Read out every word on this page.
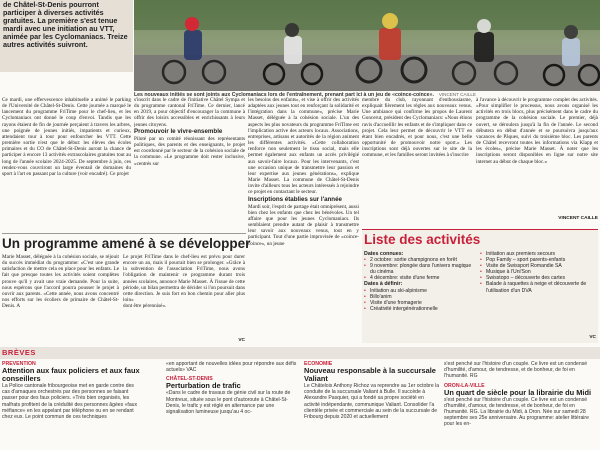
de Châtel-St-Denis pourront participer à diverses activités gratuites. La première s'est tenue mardi avec une initiation au VTT, animée par les Cyclomaniacs. Treize autres activités suivront.
Les nouveaux initiés se sont joints aux Cyclomaniacs lors de l'entraînement, prenant part ici à un jeu de «coince-coince».	VINCENT CAILLE

Ce mardi, une effervescence inhabituelle a animé le parking de l'Université de Châtel-St-Denis. Cette journée a marqué le lancement du programme FriTime pour le chef-lieu, et les Cyclomaniacs ont donné le coup d'envoi. Tandis que les rayons étaient de fin de journée perçaient à travers les arbres, une poignée de jeunes initiés, impatients et curieux, attendaient tour à tour pour enfourcher les VTT. Cette première sortie n'est que le début: les élèves des écoles primaires et du CO de Châtel-St-Denis auront la chance de participer à encore 13 activités extrascolaires gratuites tout au long de l'année scolaire 2024-2025. De septembre à juin, ces rendez-vous couvriront un large éventail de domaines du sport à l'art en passant par la culture (voir encadré). Ce projet

s'inscrit dans le cadre de l'initiative Châtel Sympa et du programme cantonal FriTime. Ce dernier, lancé en 2019, a pour objectif d'encourager la commune à offrir des loisirs accessibles et enrichissants à leurs jeunes citoyens.

Promouvoir le vivre-ensemble

Piloté par un comité réunissant des représentants politiques, des parents et des enseignants, le projet est coordonné par le secteur de la cohésion sociale de la commune. «Le programme doit rester inclusive, «centrés sur

les besoins des enfants», et vise à offrir des activités adaptées aux jeunes tout en renforçant la solidarité et l'intégration dans la commune», précise Marie Masset, déléguée à la cohésion sociale. L'un des aspects les plus novateurs du programme FriTime est l'implication active des acteurs locaux. Associations, entreprises, artisans et autorités de la région animent les différentes activités. «Cette collaboration renforce non seulement le tissu social, mais elle permet également aux enfants un accès privilégié aux savoir-faire locaux. Pour les intervenants, c'est une occasion unique de transmettre leur passion et leur expertise aux jeunes générations», explique Marie Masset. La commune de Châtel-St-Denis invite d'ailleurs tous les acteurs intéressés à rejoindre ce projet en contactant le secteur.

Inscriptions établies sur l'année

Mardi soir, l'esprit de partage était omniprésent, aussi bien chez les enfants que chez les bénévoles. Un tel affaire que pour les jeunes Cyclomaniacs. Ils semblaient prendre autant de plaisir à transmettre leur savoir aux nouveaux venus, tout en y participant. Tout d'une partie improvisée de «coince-coince», un jeune

membre du club, rayonnant d'enthousiasme, expliquait fièrement les règles aux nouveaux venus. Une ambiance qui confirme les propos de Laurent Goncerut, président des Cyclomaniacs: «Nous étions ravis d'accueillir les enfants et de s'impliquer dans ce projet. Cela leur permet de découvrir le VTT en étant bien encadrés, et pour nous, c'est une belle opportunité de promouvoir notre sport.» Les inscriptions sont déjà ouvertes sur le site de la commune, et les familles seront invitées à s'inscrire

à l'avance à découvrir le programme complet des activités. «Pour simplifier le processus, nous avons organisé les activités en trois blocs, plus précisément dans le cadre du programme de la cohésion sociale. Le premier, déjà ouvert, se déroulera jusqu'à la fin de l'année. Le second débutera en début d'année et se poursuivra jusqu'aux vacances de Pâques, suivi du troisième bloc. Les parents de Châtel recevront toutes les informations via Klapp et les écoles», précise Marie Masset. À noter que les inscriptions seront disponibles en ligne sur notre site internet au début de chaque bloc.»

VINCENT CAILLE
Un programme amené à se développer

Marie Masset, déléguée à la cohésion sociale, se réjouit du succès immédiat du programme: «C'est une grande satisfaction de mettre cela en place pour les enfants. Le fait que presque toutes les activités soient complètes prouve qu'il y avait une vraie demande. Pour la suite, nous espérons que l'accord pourra pousser le projet à ouvrir aux parents. «Cette année, nous avons concentré nos efforts sur les écoliers de primaire de Châtel-St-Denis. A

Le projet FriTime dans le chef-lieu est prévu pour durer encore un an, mais il pourrait bien se prolonger. «Grâce à la subvention de l'association FriTime, nous avons l'obligation de maintenir ce programme durant trois années scolaires, annonce Marie Masset. À l'issue de cette période, un bilan permettra de décider si l'on poursuit dans cette direction. Je suis fort en bon chemin pour aller plus loin»

dont être pérennisé».

VC
Liste des activités
Dates connues:
• 2 octobre: sortie champignons en forêt
• 9 novembre: plongée dans l'univers magique du cinéma
• 4 décembre: visite d'une ferme
Dates à définir:
• Initiation au ski-alpinisme
• Billo'anim
• Visite d'une fromagerie
• Créativité intergénérationnelle
• Initiation aux premiers secours
• Pop Family – sport parents-enfants
• Visite de Swissport Romandie SA
• Musique à l'Uni'Son
• Swisstopo – découverte des cartes
• Balade à raquettes à neige et découverte de l'utilisation d'un DVA
VC
BRÈVES
PRÉVENTION
Attention aux faux policiers et aux faux conseillers
La Police cantonale fribourgeoise met en garde contre des cas d'arnaques orchestrés par des personnes se faisant passer pour des faux policiers. «Très bien organisés, les malfrats profitent de la crédulité des personnes âgées «faux méfiance» en les appelant par téléphone ou en se rendant chez eux. Le point commun de ces techniques
«en apportant de nouvelles idées pour répondre aux défis actuels» VAC
CHÂTEL-ST-DENIS
Perturbation de trafic
«Dans le cadre de travaux de génie civil sur la route de Montreux, située sous le pont d'autoroute à Châtel-St-Denis, le trafic y est réglé en alternance par une signalisation lumineuse jusqu'au 4 oc-
ÉCONOMIE
Nouveau responsable à la succursale Valiant
Le Châtelois Anthony Richoz va reprendre au 1er octobre la conduite de la succursale Valiant à Bulle. Il succède à Alexandre Pasquier, qui a fondé sa propre société en activité indépendante, communique Valiant. Consolider l'a clientèle privée et commerciale au sein de la succursale de Fribourg depuis 2020 et actuellement
s'est penché sur l'histoire d'un couple. Ce livre est un condensé d'humilité, d'amour, de tendresse, et de bonheur, de foi en l'humanité. RG
ORON-LA-VILLE
Un quart de siècle pour la librairie du Midi
s'est penché sur l'histoire d'un couple. Ce livre est un condensé d'humilité, d'amour, de tendresse, et de bonheur, de foi en l'humanité. RG. La librairie du Midi, à Oron. Née sur samedi 28 septembre ses 25e anniversaire. Au programme: atelier littéraire pour les en-
